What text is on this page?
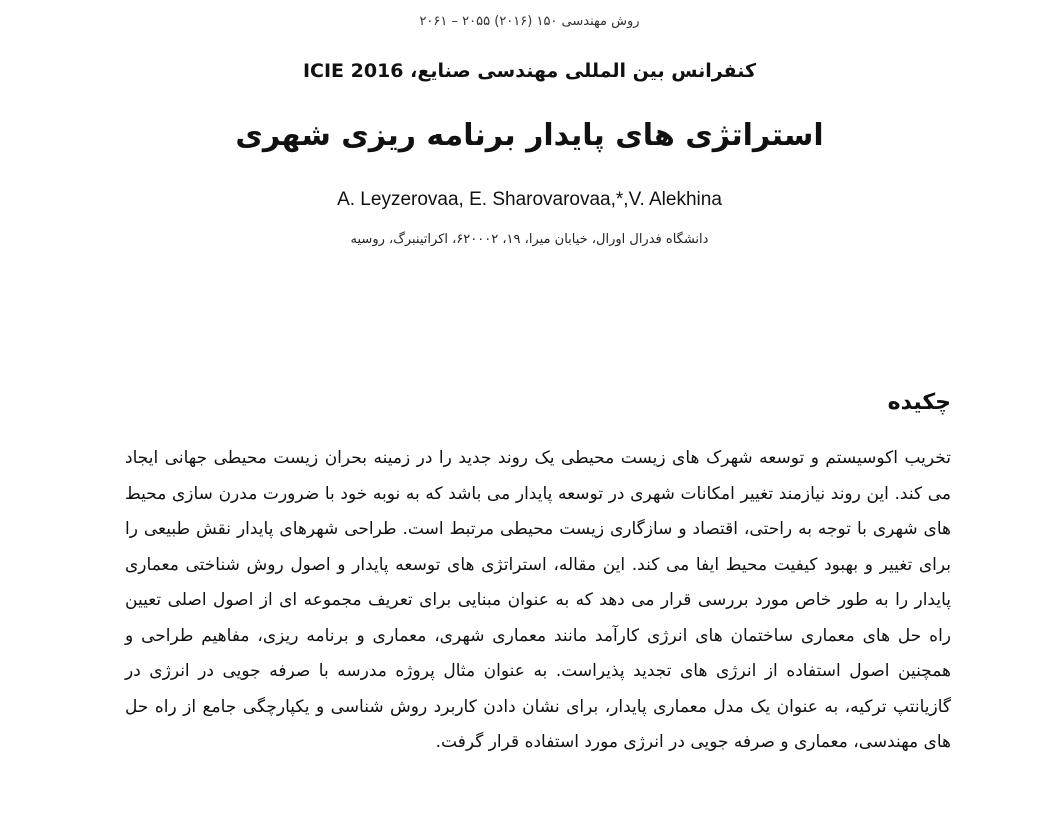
روش مهندسی ۱۵۰ (۲۰۱۶) ۲۰۵۵ – ۲۰۶۱
کنفرانس بین المللی مهندسی صنایع، ICIE 2016
استراتژی های پایدار برنامه ریزی شهری
A. Leyzerovaa, E. Sharovarovaa,*,V. Alekhina
دانشگاه فدرال اورال، خیابان میرا، ۱۹، ۶۲۰۰۰۲، اکراتینبرگ، روسیه
چکیده

تخریب اکوسیستم و توسعه شهرک های زیست محیطی یک روند جدید را در زمینه بحران زیست محیطی جهانی ایجاد می کند. این روند نیازمند تغییر امکانات شهری در توسعه پایدار می باشد که به نوبه خود با ضرورت مدرن سازی محیط های شهری با توجه به راحتی، اقتصاد و سازگاری زیست محیطی مرتبط است. طراحی شهرهای پایدار نقش طبیعی را برای تغییر و بهبود کیفیت محیط ایفا می کند. این مقاله، استراتژی های توسعه پایدار و اصول روش شناختی معماری پایدار را به طور خاص مورد بررسی قرار می دهد که به عنوان مبنایی برای تعریف مجموعه ای از اصول اصلی تعیین راه حل های معماری ساختمان های انرژی کارآمد مانند معماری شهری، معماری و برنامه ریزی، مفاهیم طراحی و همچنین اصول استفاده از انرژی های تجدید پذیراست. به عنوان مثال پروژه مدرسه با صرفه جویی در انرژی در گازیانتپ ترکیه، به عنوان یک مدل معماری پایدار، برای نشان دادن کاربرد روش شناسی و یکپارچگی جامع از راه حل های مهندسی، معماری و صرفه جویی در انرژی مورد استفاده قرار گرفت.
